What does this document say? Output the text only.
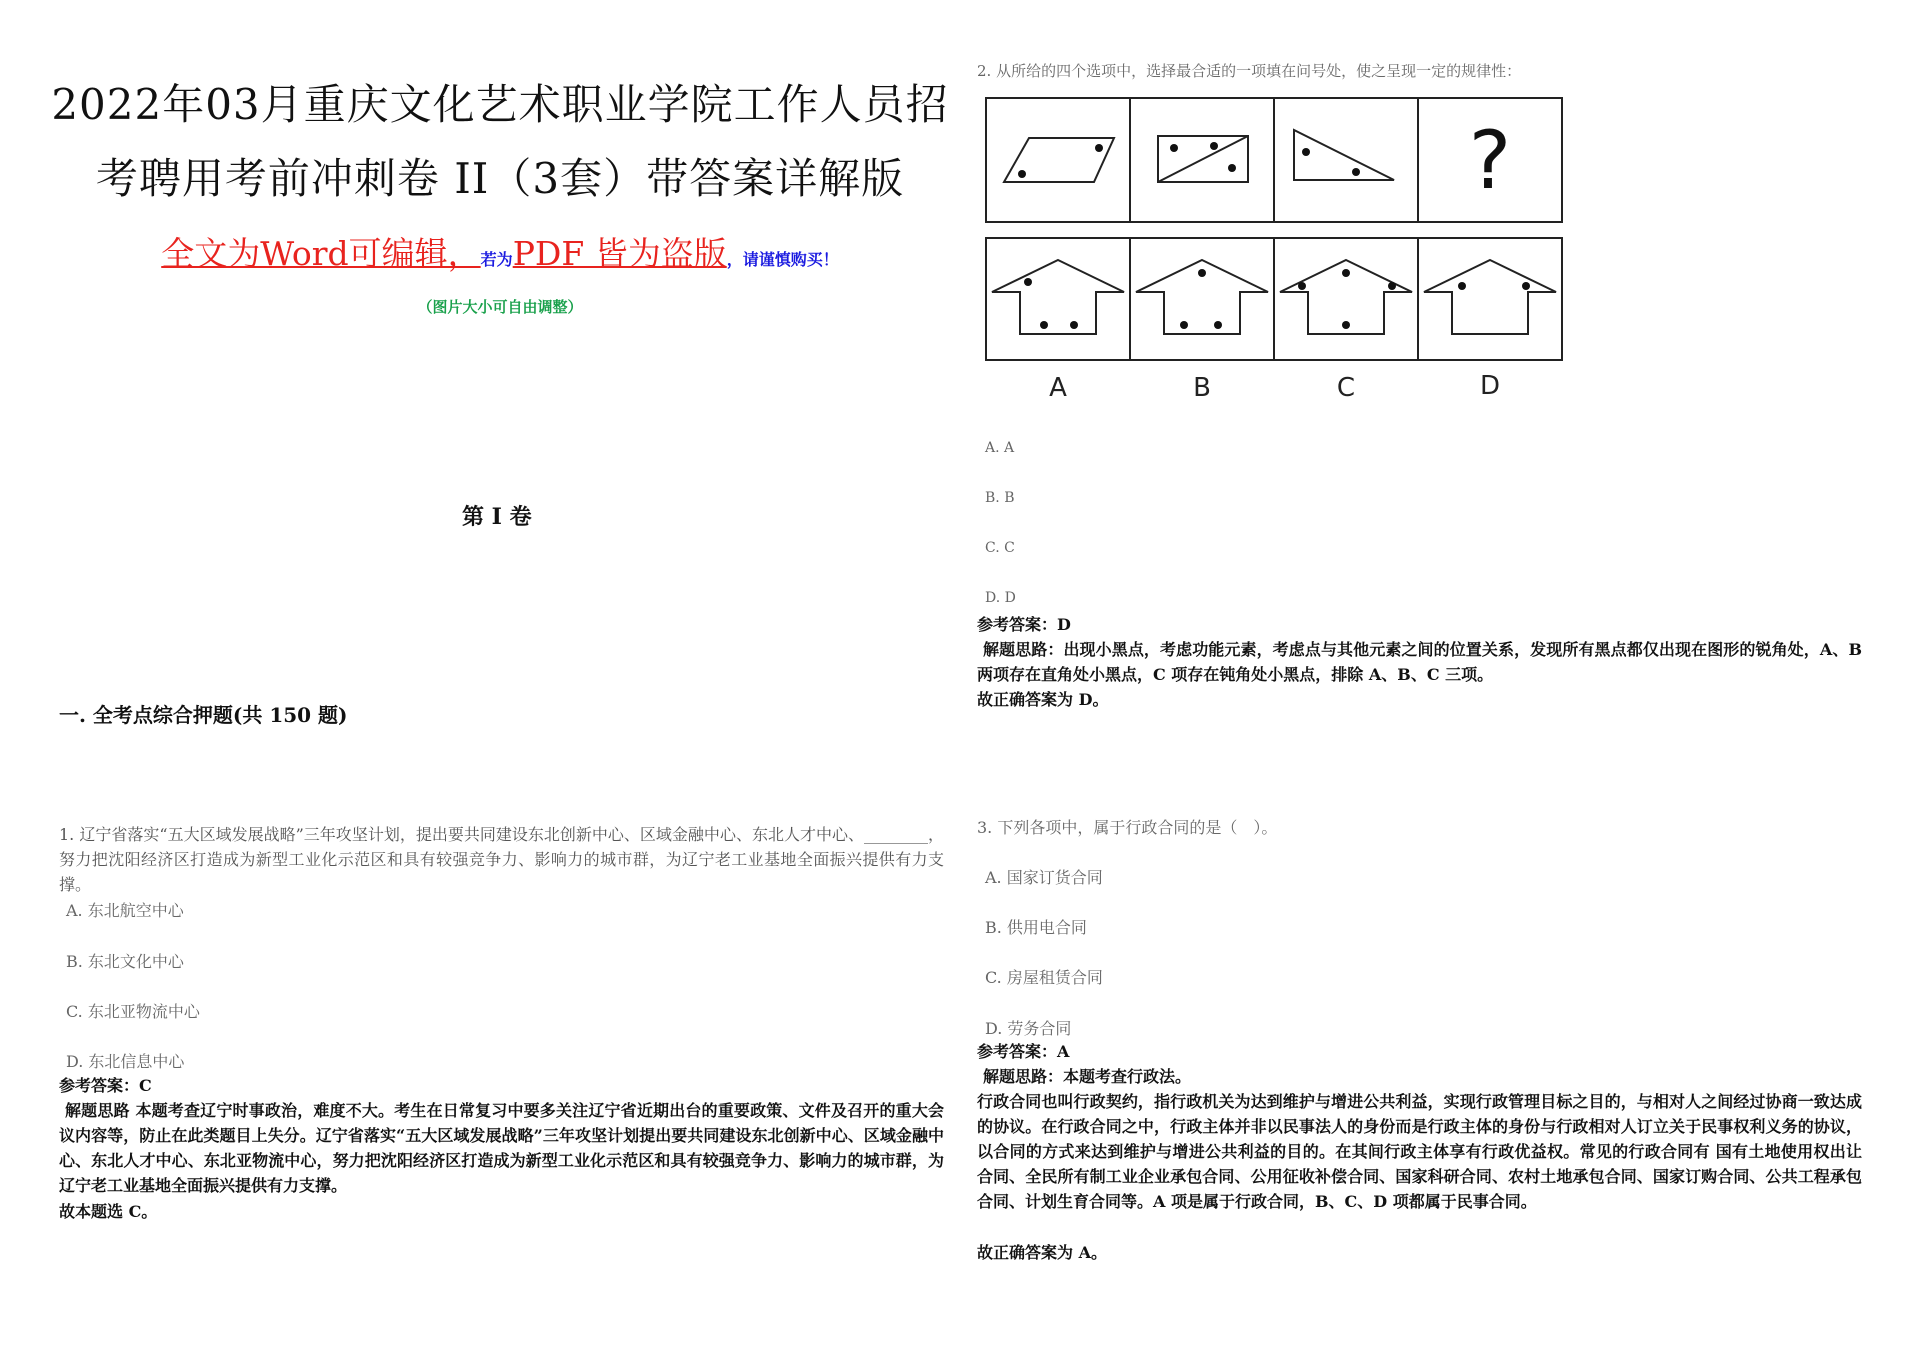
2022年03月重庆文化艺术职业学院工作人员招
考聘用考前冲刺卷 II（3套）带答案详解版
全文为Word可编辑，若为PDF 皆为盗版，请谨慎购买！
（图片大小可自由调整）
第 I 卷
一. 全考点综合押题(共 150 题)
1. 辽宁省落实“五大区域发展战略”三年攻坚计划，提出要共同建设东北创新中心、区域金融中心、东北人才中心、________，努力把沈阳经济区打造成为新型工业化示范区和具有较强竞争力、影响力的城市群，为辽宁老工业基地全面振兴提供有力支撑。
A. 东北航空中心
B. 东北文化中心
C. 东北亚物流中心
D. 东北信息中心
参考答案：C
解题思路 本题考查辽宁时事政治，难度不大。考生在日常复习中要多关注辽宁省近期出台的重要政策、文件及召开的重大会议内容等，防止在此类题目上失分。辽宁省落实“五大区域发展战略”三年攻坚计划提出要共同建设东北创新中心、区域金融中心、东北人才中心、东北亚物流中心，努力把沈阳经济区打造成为新型工业化示范区和具有较强竞争力、影响力的城市群，为辽宁老工业基地全面振兴提供有力支撑。
故本题选 C。
2. 从所给的四个选项中，选择最合适的一项填在问号处，使之呈现一定的规律性：
?
A	B	C	D
A. A
B. B
C. C
D. D
参考答案：D
解题思路：出现小黑点，考虑功能元素，考虑点与其他元素之间的位置关系，发现所有黑点都仅出现在图形的锐角处，A、B 两项存在直角处小黑点，C 项存在钝角处小黑点，排除 A、B、C 三项。
故正确答案为 D。
3. 下列各项中，属于行政合同的是（　）。
A. 国家订货合同
B. 供用电合同
C. 房屋租赁合同
D. 劳务合同
参考答案：A
解题思路：本题考查行政法。
行政合同也叫行政契约，指行政机关为达到维护与增进公共利益，实现行政管理目标之目的，与相对人之间经过协商一致达成的协议。在行政合同之中，行政主体并非以民事法人的身份而是行政主体的身份与行政相对人订立关于民事权利义务的协议，以合同的方式来达到维护与增进公共利益的目的。在其间行政主体享有行政优益权。常见的行政合同有 国有土地使用权出让合同、全民所有制工业企业承包合同、公用征收补偿合同、国家科研合同、农村土地承包合同、国家订购合同、公共工程承包合同、计划生育合同等。A 项是属于行政合同，B、C、D 项都属于民事合同。
故正确答案为 A。
